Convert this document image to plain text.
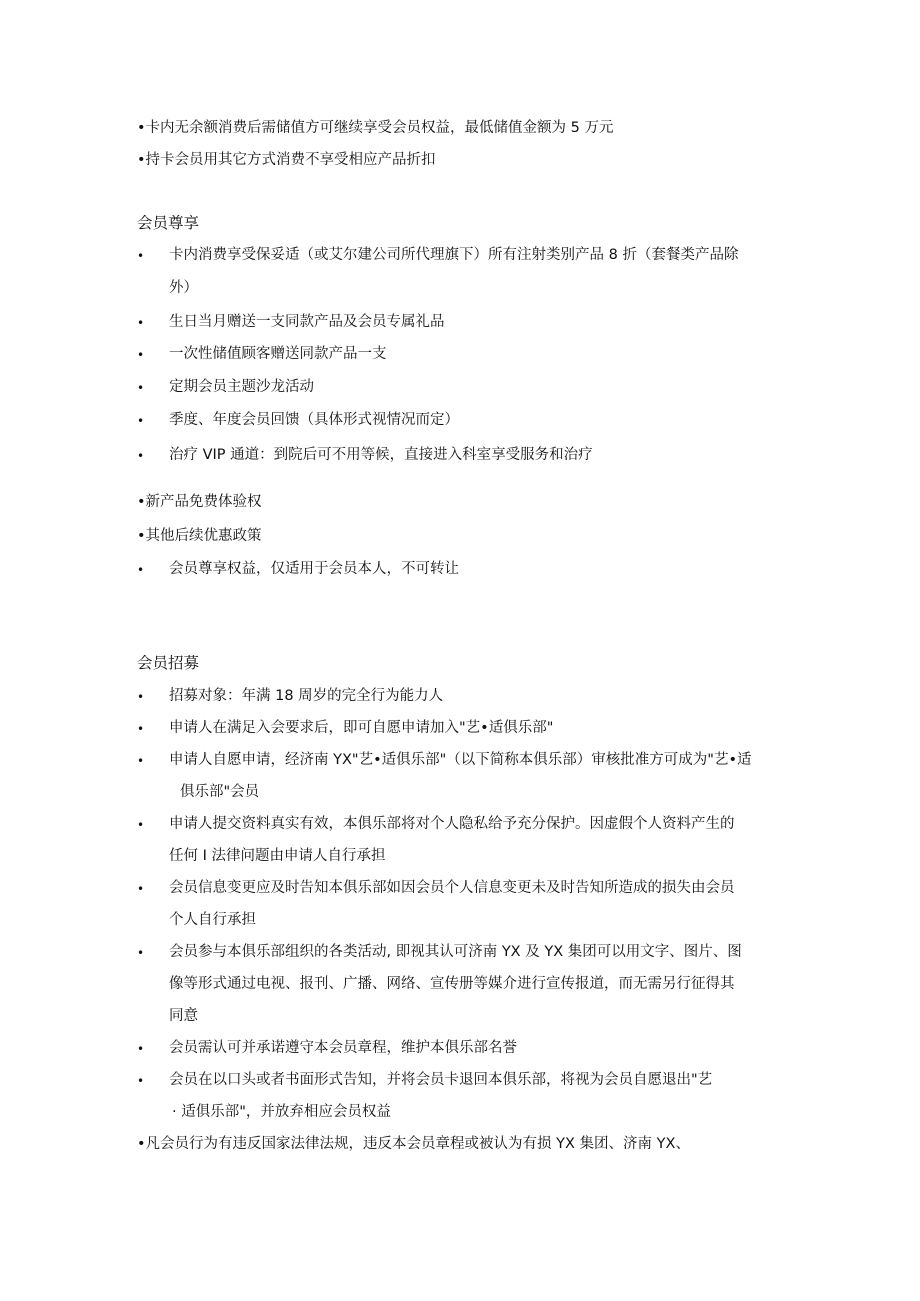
•卡内无余额消费后需储值方可继续享受会员权益，最低储值金额为 5 万元
•持卡会员用其它方式消费不享受相应产品折扣
会员尊享
• 卡内消费享受保妥适（或艾尔建公司所代理旗下）所有注射类别产品 8 折（套餐类产品除
外）
• 生日当月赠送一支同款产品及会员专属礼品
• 一次性储值顾客赠送同款产品一支
• 定期会员主题沙龙活动
• 季度、年度会员回馈（具体形式视情况而定）
• 治疗 VIP 通道：到院后可不用等候，直接进入科室享受服务和治疗
•新产品免费体验权
•其他后续优惠政策
• 会员尊享权益，仅适用于会员本人，不可转让
会员招募
• 招募对象：年满 18 周岁的完全行为能力人
• 申请人在满足入会要求后，即可自愿申请加入"艺•适俱乐部"
• 申请人自愿申请，经济南 YX"艺•适俱乐部"（以下简称本俱乐部）审核批准方可成为"艺•适
俱乐部"会员
• 申请人提交资料真实有效，本俱乐部将对个人隐私给予充分保护。因虚假个人资料产生的
任何 I 法律问题由申请人自行承担
• 会员信息变更应及时告知本俱乐部如因会员个人信息变更未及时告知所造成的损失由会员
个人自行承担
• 会员参与本俱乐部组织的各类活动, 即视其认可济南 YX 及 YX 集团可以用文字、图片、图
像等形式通过电视、报刊、广播、网络、宣传册等媒介进行宣传报道，而无需另行征得其
同意
• 会员需认可并承诺遵守本会员章程，维护本俱乐部名誉
• 会员在以口头或者书面形式告知，并将会员卡退回本俱乐部，将视为会员自愿退出"艺
· 适俱乐部"，并放弃相应会员权益
•凡会员行为有违反国家法律法规，违反本会员章程或被认为有损 YX 集团、济南 YX、
